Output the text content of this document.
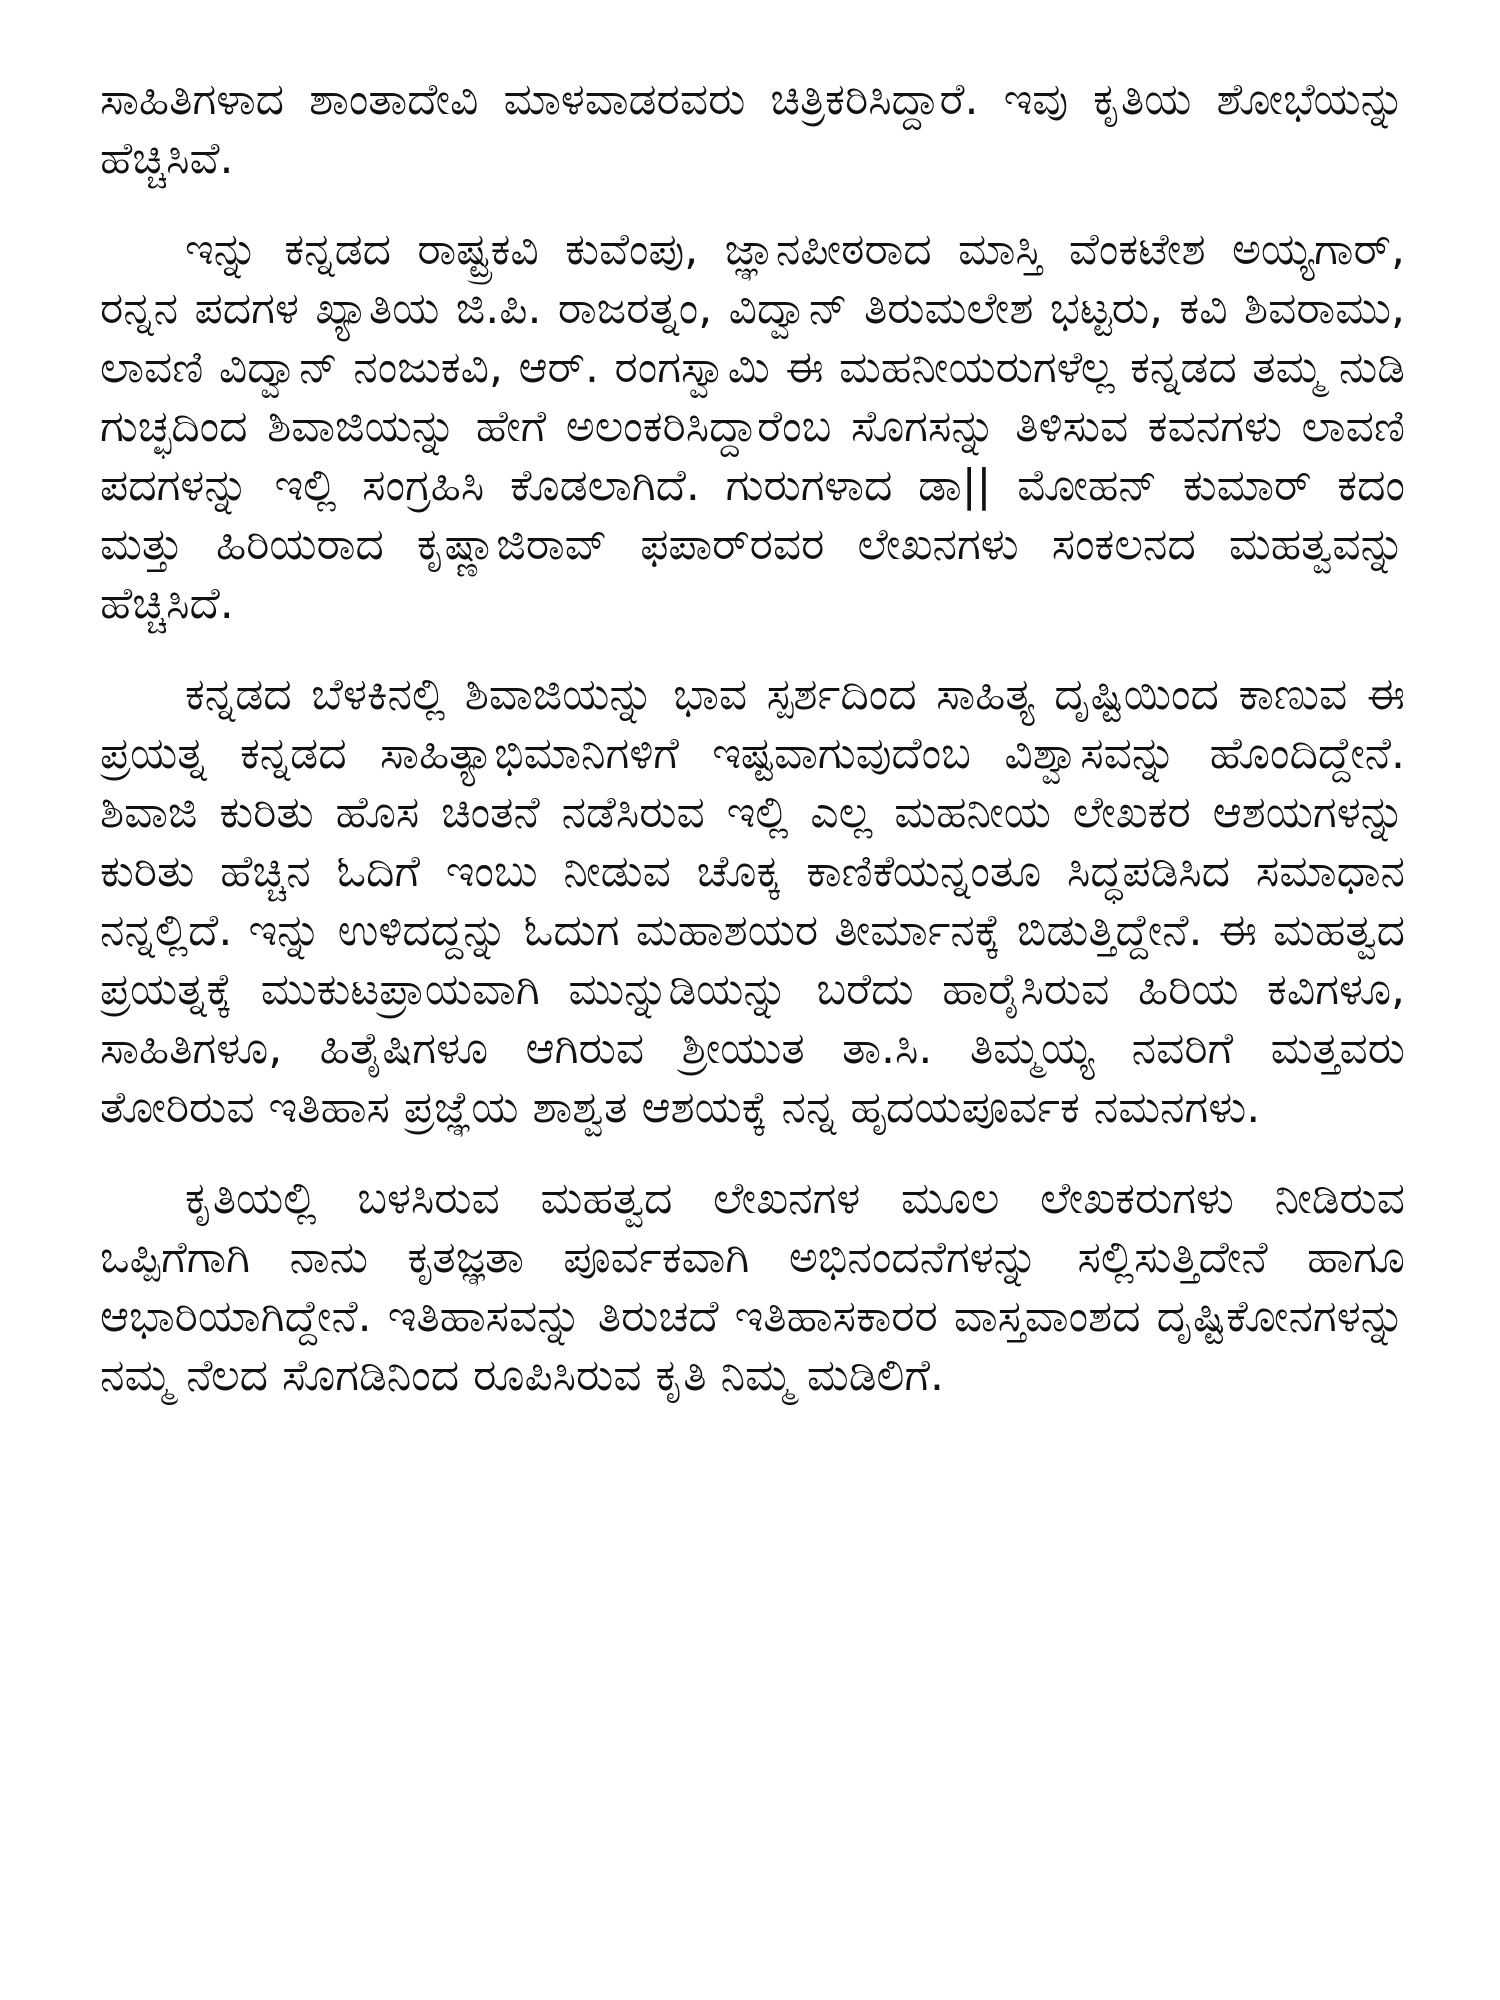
ಸಾಹಿತಿಗಳಾದ ಶಾಂತಾದೇವಿ ಮಾಳವಾಡರವರು ಚಿತ್ರಿಕರಿಸಿದ್ದಾರೆ. ಇವು ಕೃತಿಯ ಶೋಭೆಯನ್ನು ಹೆಚ್ಚಿಸಿವೆ.

ಇನ್ನು ಕನ್ನಡದ ರಾಷ್ಟ್ರಕವಿ ಕುವೆಂಪು, ಜ್ಞಾನಪೀಠರಾದ ಮಾಸ್ತಿ ವೆಂಕಟೇಶ ಅಯ್ಯಗಾರ್, ರನ್ನನ ಪದಗಳ ಖ್ಯಾತಿಯ ಜಿ.ಪಿ. ರಾಜರತ್ನಂ, ವಿದ್ವಾನ್ ತಿರುಮಲೇಶ ಭಟ್ಟರು, ಕವಿ ಶಿವರಾಮು, ಲಾವಣಿ ವಿದ್ವಾನ್ ನಂಜುಕವಿ, ಆರ್. ರಂಗಸ್ವಾಮಿ ಈ ಮಹನೀಯರುಗಳೆಲ್ಲ ಕನ್ನಡದ ತಮ್ಮ ನುಡಿ ಗುಚ್ಛದಿಂದ ಶಿವಾಜಿಯನ್ನು ಹೇಗೆ ಅಲಂಕರಿಸಿದ್ದಾರೆಂಬ ಸೊಗಸನ್ನು ತಿಳಿಸುವ ಕವನಗಳು ಲಾವಣಿ ಪದಗಳನ್ನು ಇಲ್ಲಿ ಸಂಗ್ರಹಿಸಿ ಕೊಡಲಾಗಿದೆ. ಗುರುಗಳಾದ ಡಾ|| ಮೋಹನ್ ಕುಮಾರ್ ಕದಂ ಮತ್ತು ಹಿರಿಯರಾದ ಕೃಷ್ಣಾಜಿರಾವ್ ಫಪಾರ್‌ರವರ ಲೇಖನಗಳು ಸಂಕಲನದ ಮಹತ್ವವನ್ನು ಹೆಚ್ಚಿಸಿದೆ.

ಕನ್ನಡದ ಬೆಳಕಿನಲ್ಲಿ ಶಿವಾಜಿಯನ್ನು ಭಾವ ಸ್ಪರ್ಶದಿಂದ ಸಾಹಿತ್ಯ ದೃಷ್ಟಿಯಿಂದ ಕಾಣುವ ಈ ಪ್ರಯತ್ನ ಕನ್ನಡದ ಸಾಹಿತ್ಯಾಭಿಮಾನಿಗಳಿಗೆ ಇಷ್ಟವಾಗುವುದೆಂಬ ವಿಶ್ವಾಸವನ್ನು ಹೊಂದಿದ್ದೇನೆ. ಶಿವಾಜಿ ಕುರಿತು ಹೊಸ ಚಿಂತನೆ ನಡೆಸಿರುವ ಇಲ್ಲಿ ಎಲ್ಲ ಮಹನೀಯ ಲೇಖಕರ ಆಶಯಗಳನ್ನು ಕುರಿತು ಹೆಚ್ಚಿನ ಓದಿಗೆ ಇಂಬು ನೀಡುವ ಚೊಕ್ಕ ಕಾಣಿಕೆಯನ್ನಂತೂ ಸಿದ್ಧಪಡಿಸಿದ ಸಮಾಧಾನ ನನ್ನಲ್ಲಿದೆ. ಇನ್ನು ಉಳಿದದ್ದನ್ನು ಓದುಗ ಮಹಾಶಯರ ತೀರ್ಮಾನಕ್ಕೆ ಬಿಡುತ್ತಿದ್ದೇನೆ. ಈ ಮಹತ್ವದ ಪ್ರಯತ್ನಕ್ಕೆ ಮುಕುಟಪ್ರಾಯವಾಗಿ ಮುನ್ನುಡಿಯನ್ನು ಬರೆದು ಹಾರೈಸಿರುವ ಹಿರಿಯ ಕವಿಗಳೂ, ಸಾಹಿತಿಗಳೂ, ಹಿತೈಷಿಗಳೂ ಆಗಿರುವ ಶ್ರೀಯುತ ತಾ.ಸಿ. ತಿಮ್ಮಯ್ಯ ನವರಿಗೆ ಮತ್ತವರು ತೋರಿರುವ ಇತಿಹಾಸ ಪ್ರಜ್ಞೆಯ ಶಾಶ್ವತ ಆಶಯಕ್ಕೆ ನನ್ನ ಹೃದಯಪೂರ್ವಕ ನಮನಗಳು.

ಕೃತಿಯಲ್ಲಿ ಬಳಸಿರುವ ಮಹತ್ವದ ಲೇಖನಗಳ ಮೂಲ ಲೇಖಕರುಗಳು ನೀಡಿರುವ ಒಪ್ಪಿಗೆಗಾಗಿ ನಾನು ಕೃತಜ್ಞತಾ ಪೂರ್ವಕವಾಗಿ ಅಭಿನಂದನೆಗಳನ್ನು ಸಲ್ಲಿಸುತ್ತಿದೇನೆ ಹಾಗೂ ಆಭಾರಿಯಾಗಿದ್ದೇನೆ. ಇತಿಹಾಸವನ್ನು ತಿರುಚದೆ ಇತಿಹಾಸಕಾರರ ವಾಸ್ತವಾಂಶದ ದೃಷ್ಟಿಕೋನಗಳನ್ನು ನಮ್ಮ ನೆಲದ ಸೊಗಡಿನಿಂದ ರೂಪಿಸಿರುವ ಕೃತಿ ನಿಮ್ಮ ಮಡಿಲಿಗೆ.
